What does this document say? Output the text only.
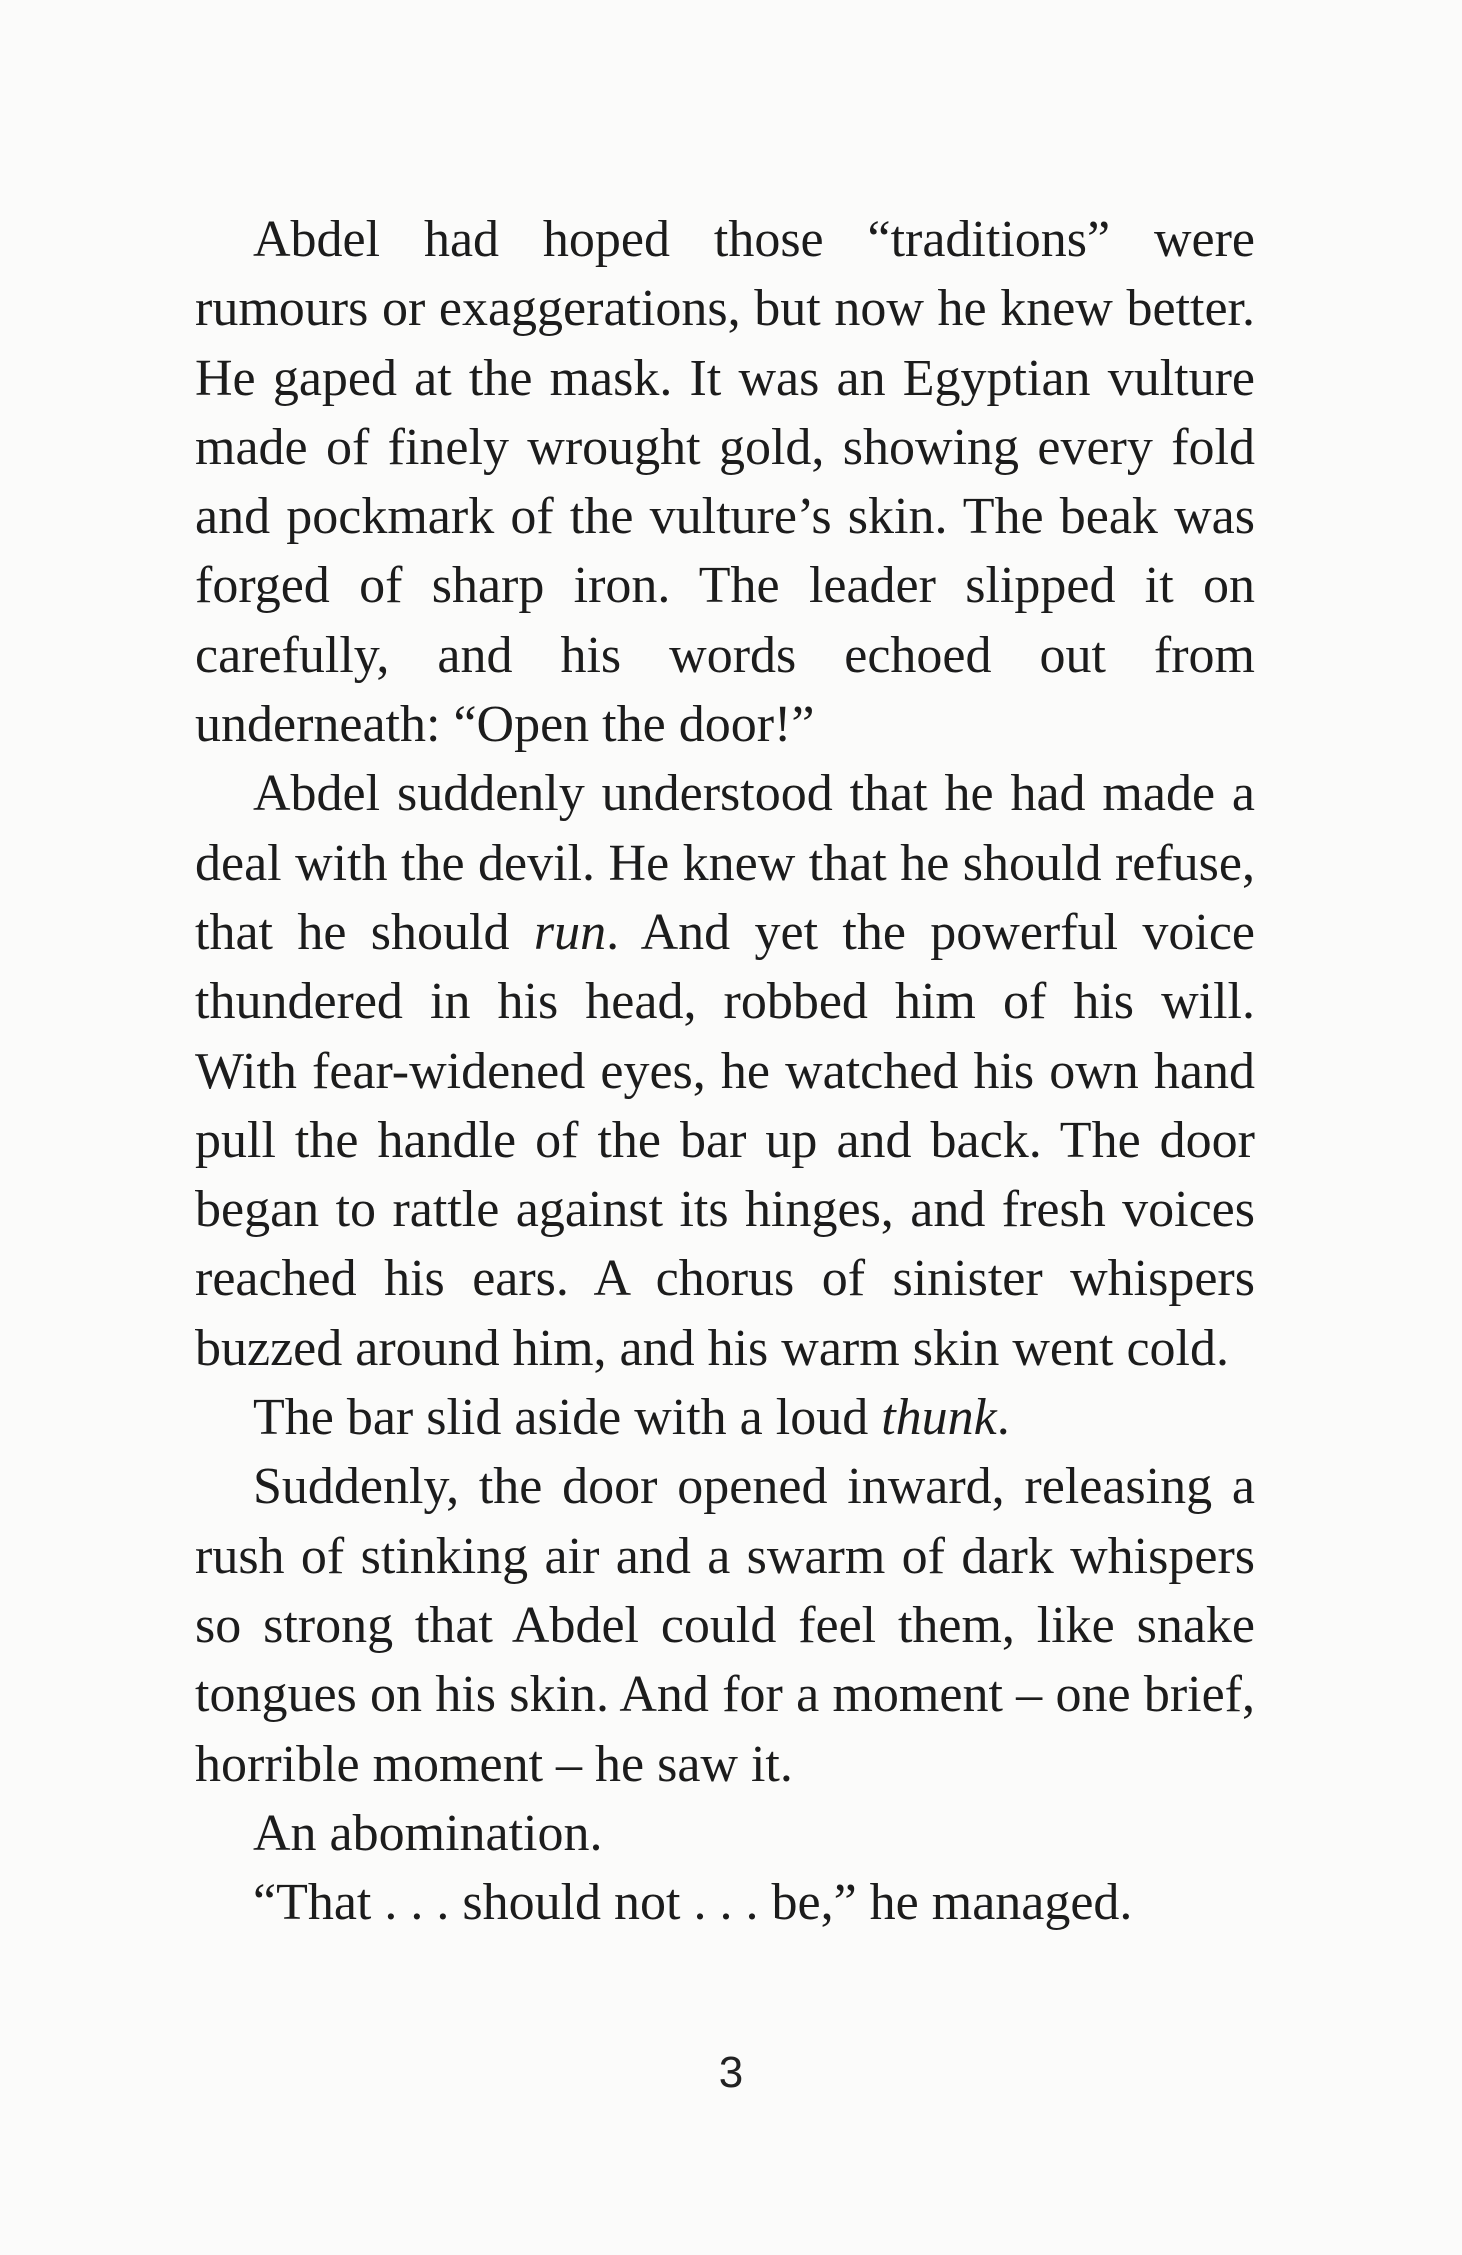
Abdel had hoped those “traditions” were rumours or exaggerations, but now he knew better. He gaped at the mask. It was an Egyptian vulture made of finely wrought gold, showing every fold and pockmark of the vulture’s skin. The beak was forged of sharp iron. The leader slipped it on carefully, and his words echoed out from underneath: “Open the door!”

Abdel suddenly understood that he had made a deal with the devil. He knew that he should refuse, that he should run. And yet the powerful voice thundered in his head, robbed him of his will. With fear-widened eyes, he watched his own hand pull the handle of the bar up and back. The door began to rattle against its hinges, and fresh voices reached his ears. A chorus of sinister whispers buzzed around him, and his warm skin went cold.

The bar slid aside with a loud thunk.

Suddenly, the door opened inward, releasing a rush of stinking air and a swarm of dark whispers so strong that Abdel could feel them, like snake tongues on his skin. And for a moment – one brief, horrible moment – he saw it.

An abomination.

“That . . . should not . . . be,” he managed.

3
